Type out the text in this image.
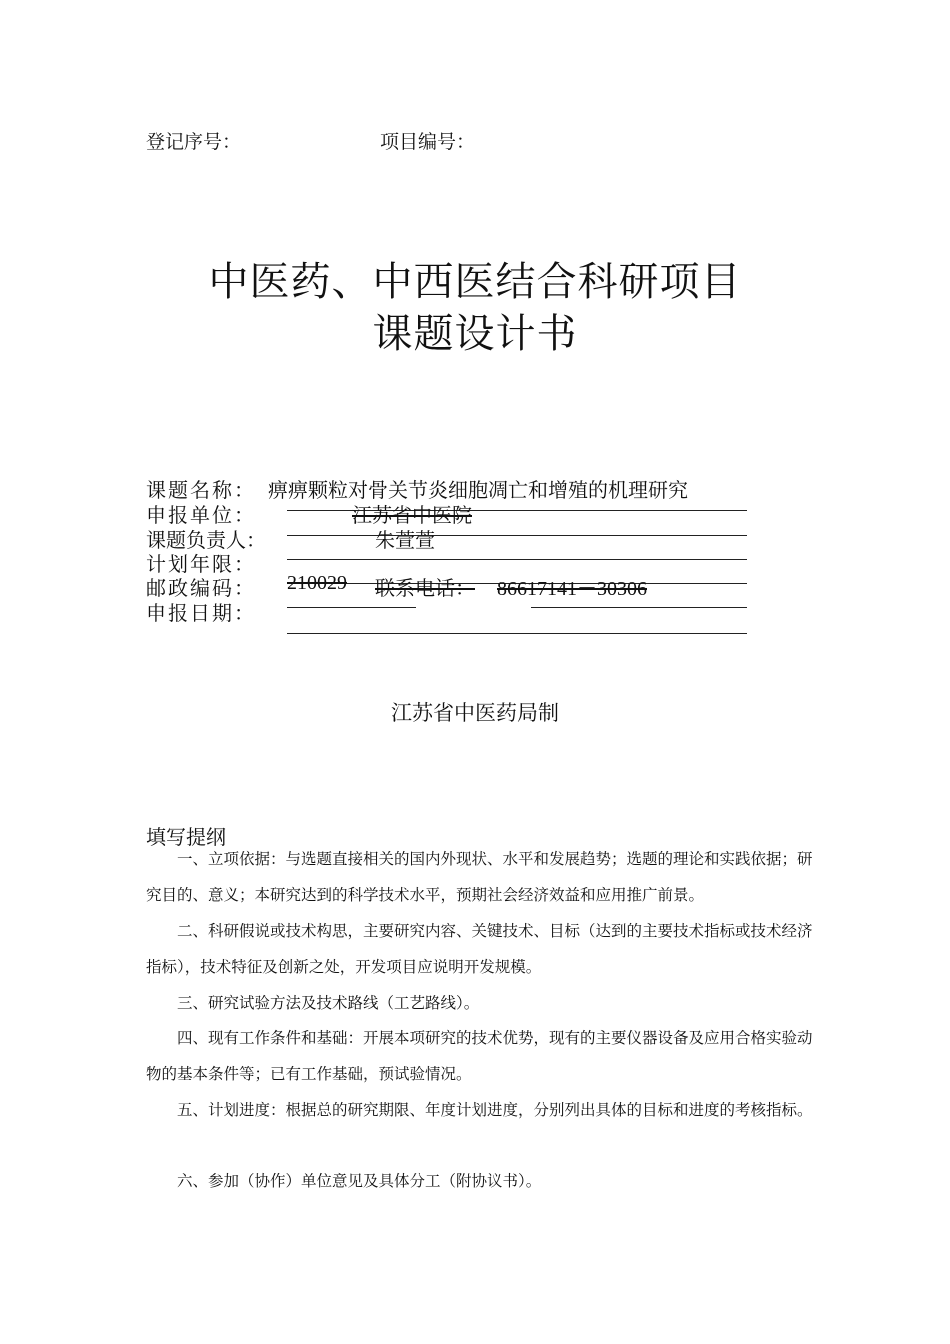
登记序号：	项目编号：
中医药、中西医结合科研项目
课题设计书
课题名称： 痹痹颗粒对骨关节炎细胞凋亡和增殖的机理研究
申报单位：	江苏省中医院
课题负责人：	朱萱萱
计划年限：
邮政编码： 210029 联系电话： 86617141－30306
申报日期：
江苏省中医药局制
填写提纲
一、立项依据：与选题直接相关的国内外现状、水平和发展趋势；选题的理论和实践依据；研究目的、意义；本研究达到的科学技术水平，预期社会经济效益和应用推广前景。
二、科研假说或技术构思，主要研究内容、关键技术、目标（达到的主要技术指标或技术经济指标），技术特征及创新之处，开发项目应说明开发规模。
三、研究试验方法及技术路线（工艺路线）。
四、现有工作条件和基础：开展本项研究的技术优势，现有的主要仪器设备及应用合格实验动物的基本条件等；已有工作基础，预试验情况。
五、计划进度：根据总的研究期限、年度计划进度，分别列出具体的目标和进度的考核指标。
六、参加（协作）单位意见及具体分工（附协议书）。
